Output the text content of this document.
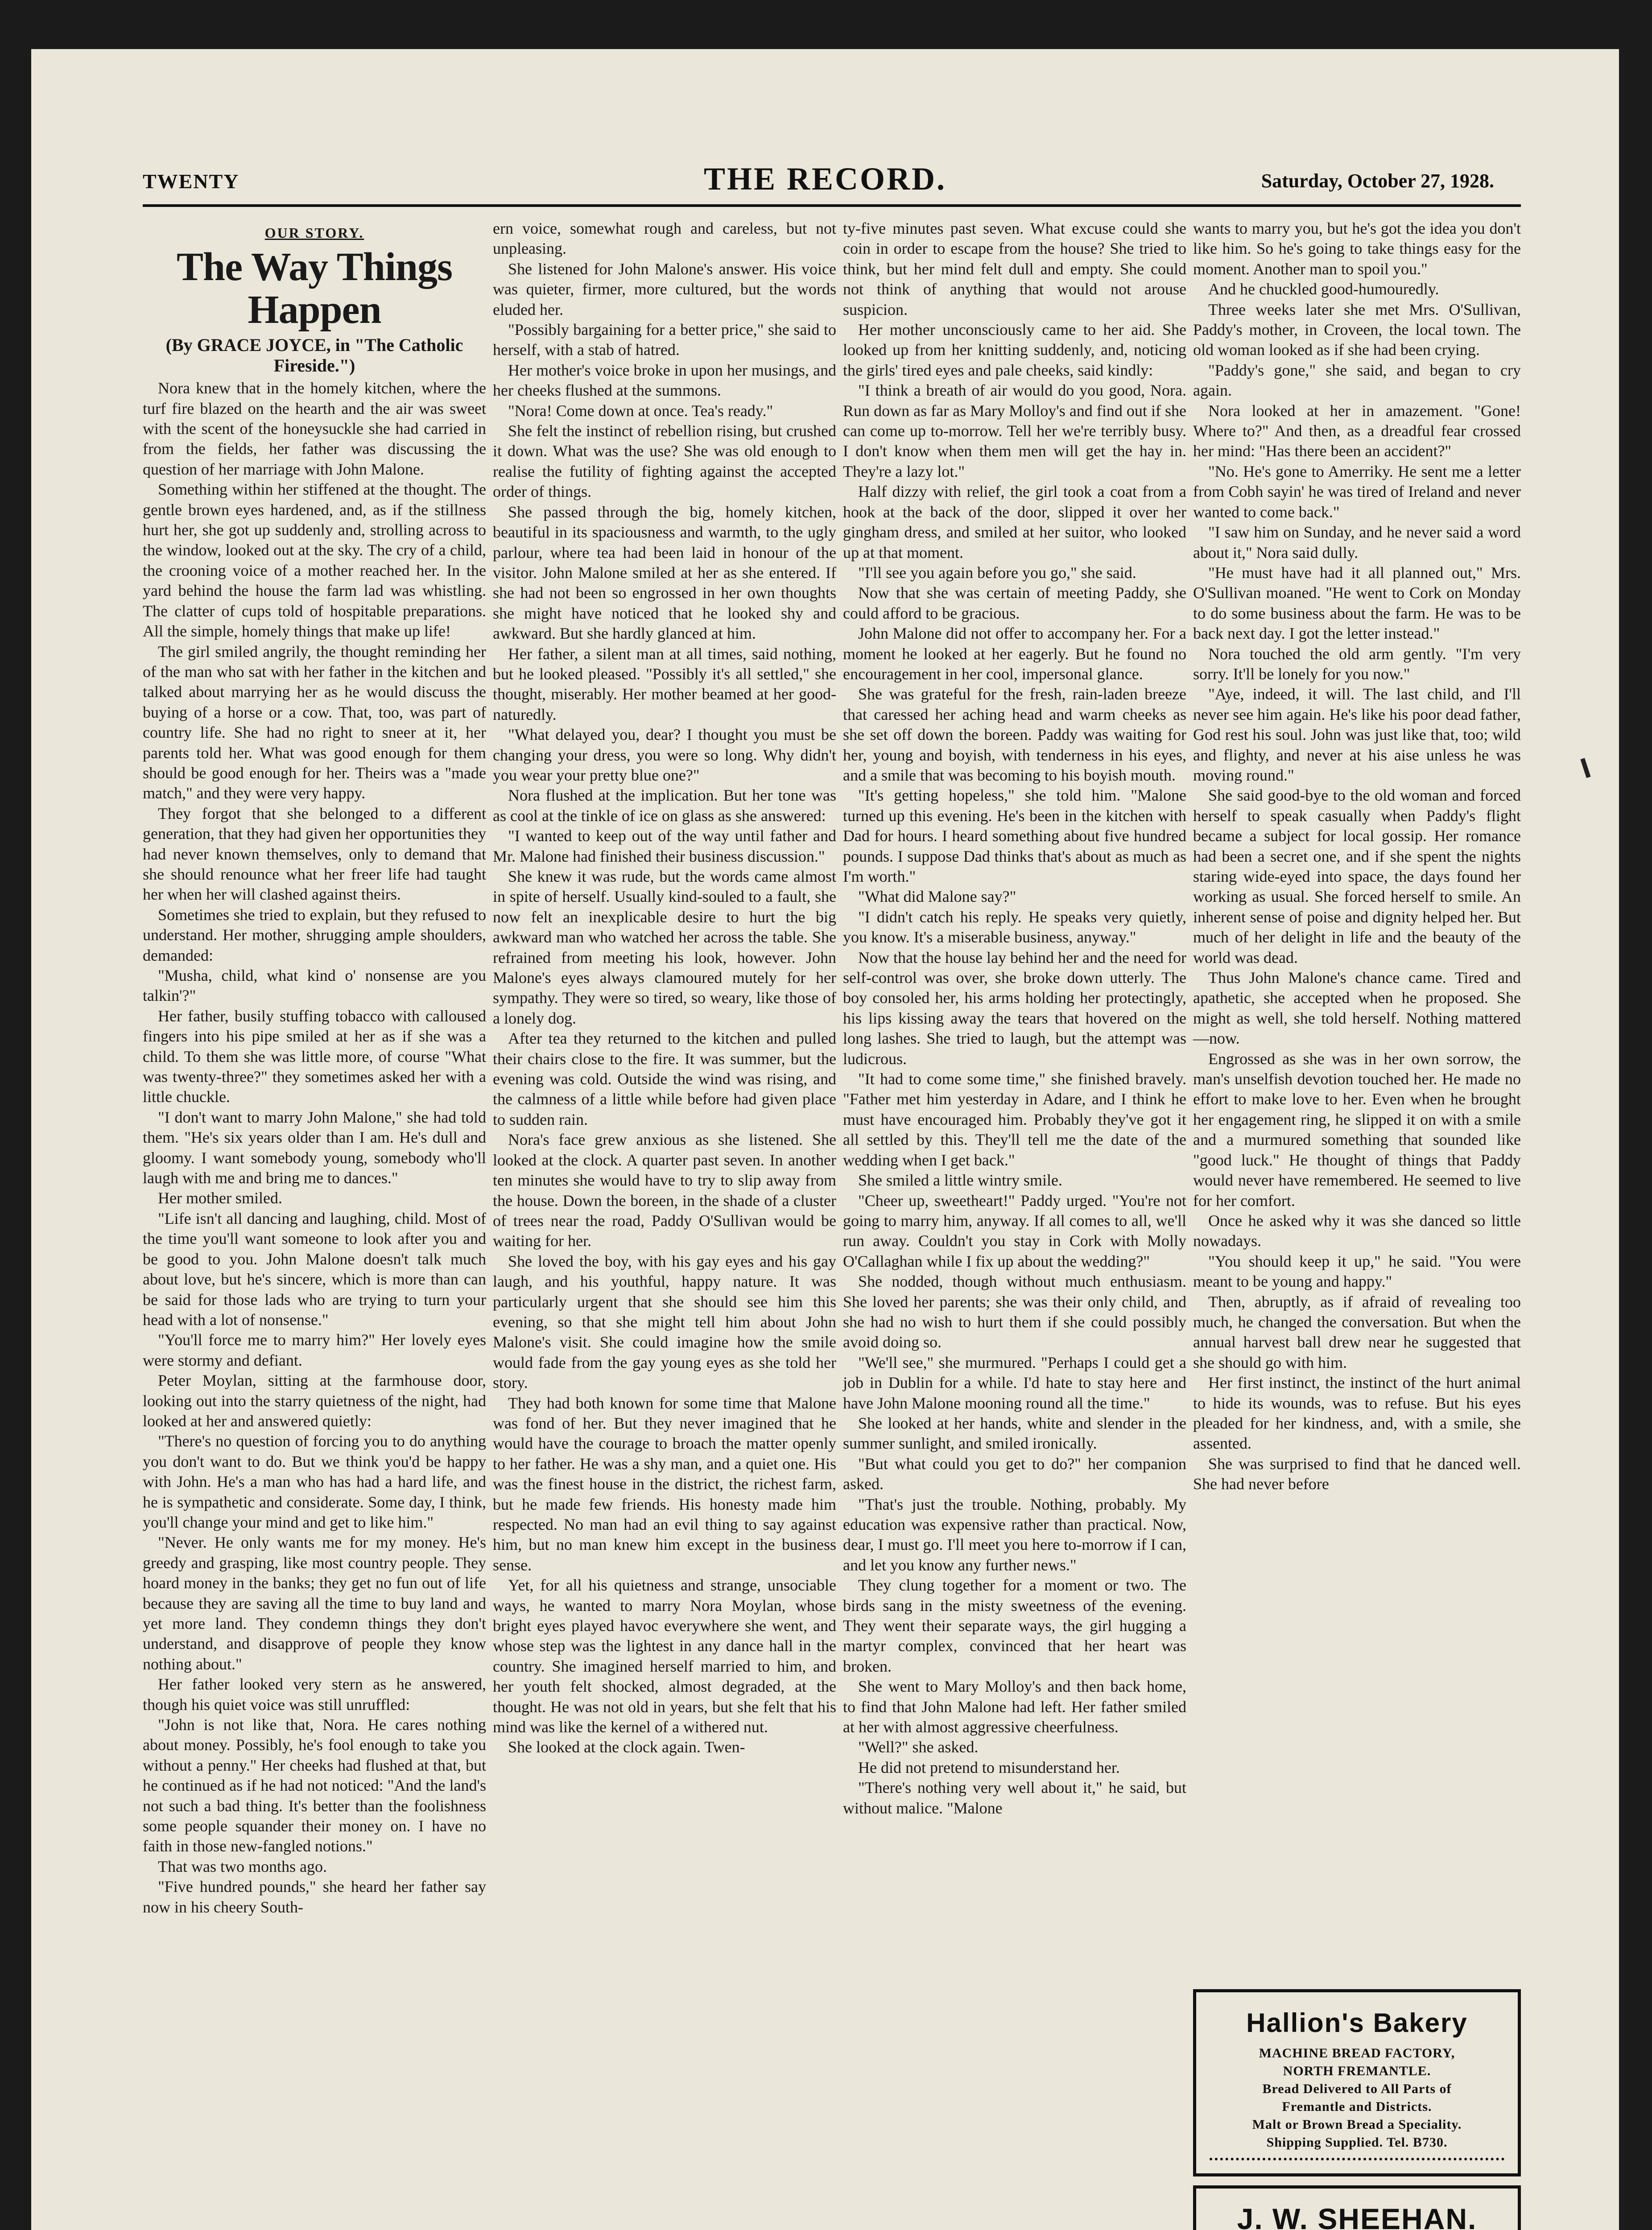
TWENTY	THE RECORD.	Saturday, October 27, 1928.
OUR STORY.
The Way Things Happen
(By GRACE JOYCE, in "The Catholic Fireside.")

Nora knew that in the homely kitchen, where the turf fire blazed on the hearth and the air was sweet with the scent of the honeysuckle she had carried in from the fields, her father was discussing the question of her marriage with John Malone.

Something within her stiffened at the thought. The gentle brown eyes hardened, and, as if the stillness hurt her, she got up suddenly and, strolling across to the window, looked out at the sky. The cry of a child, the crooning voice of a mother reached her. In the yard behind the house the farm lad was whistling. The clatter of cups told of hospitable preparations. All the simple, homely things that make up life!

The girl smiled angrily, the thought reminding her of the man who sat with her father in the kitchen and talked about marrying her as he would discuss the buying of a horse or a cow. That, too, was part of country life. She had no right to sneer at it, her parents told her. What was good enough for them should be good enough for her. Theirs was a "made match," and they were very happy.

They forgot that she belonged to a different generation, that they had given her opportunities they had never known themselves, only to demand that she should renounce what her freer life had taught her when her will clashed against theirs.

Sometimes she tried to explain, but they refused to understand. Her mother, shrugging ample shoulders, demanded:

"Musha, child, what kind o' nonsense are you talkin'?"

Her father, busily stuffing tobacco with calloused fingers into his pipe smiled at her as if she was a child. To them she was little more, of course "What was twenty-three?" they sometimes asked her with a little chuckle.

"I don't want to marry John Malone," she had told them. "He's six years older than I am. He's dull and gloomy. I want somebody young, somebody who'll laugh with me and bring me to dances."

Her mother smiled.

"Life isn't all dancing and laughing, child. Most of the time you'll want someone to look after you and be good to you. John Malone doesn't talk much about love, but he's sincere, which is more than can be said for those lads who are trying to turn your head with a lot of nonsense."

"You'll force me to marry him?" Her lovely eyes were stormy and defiant.

Peter Moylan, sitting at the farmhouse door, looking out into the starry quietness of the night, had looked at her and answered quietly:

"There's no question of forcing you to do anything you don't want to do. But we think you'd be happy with John. He's a man who has had a hard life, and he is sympathetic and considerate. Some day, I think, you'll change your mind and get to like him."

"Never. He only wants me for my money. He's greedy and grasping, like most country people. They hoard money in the banks; they get no fun out of life because they are saving all the time to buy land and yet more land. They condemn things they don't understand, and disapprove of people they know nothing about."

Her father looked very stern as he answered, though his quiet voice was still unruffled:

"John is not like that, Nora. He cares nothing about money. Possibly, he's fool enough to take you without a penny." Her cheeks had flushed at that, but he continued as if he had not noticed: "And the land's not such a bad thing. It's better than the foolishness some people squander their money on. I have no faith in those new-fangled notions."

That was two months ago.

"Five hundred pounds," she heard her father say now in his cheery South-

ern voice, somewhat rough and careless, but not unpleasing.

She listened for John Malone's answer. His voice was quieter, firmer, more cultured, but the words eluded her.

"Possibly bargaining for a better price," she said to herself, with a stab of hatred.

Her mother's voice broke in upon her musings, and her cheeks flushed at the summons.

"Nora! Come down at once. Tea's ready."

She felt the instinct of rebellion rising, but crushed it down. What was the use? She was old enough to realise the futility of fighting against the accepted order of things.

She passed through the big, homely kitchen, beautiful in its spaciousness and warmth, to the ugly parlour, where tea had been laid in honour of the visitor. John Malone smiled at her as she entered. If she had not been so engrossed in her own thoughts she might have noticed that he looked shy and awkward. But she hardly glanced at him.

Her father, a silent man at all times, said nothing, but he looked pleased. "Possibly it's all settled," she thought, miserably. Her mother beamed at her good-naturedly.

"What delayed you, dear? I thought you must be changing your dress, you were so long. Why didn't you wear your pretty blue one?"

Nora flushed at the implication. But her tone was as cool at the tinkle of ice on glass as she answered:

"I wanted to keep out of the way until father and Mr. Malone had finished their business discussion."

She knew it was rude, but the words came almost in spite of herself. Usually kind-souled to a fault, she now felt an inexplicable desire to hurt the big awkward man who watched her across the table. She refrained from meeting his look, however. John Malone's eyes always clamoured mutely for her sympathy. They were so tired, so weary, like those of a lonely dog.

After tea they returned to the kitchen and pulled their chairs close to the fire. It was summer, but the evening was cold. Outside the wind was rising, and the calmness of a little while before had given place to sudden rain.

Nora's face grew anxious as she listened. She looked at the clock. A quarter past seven. In another ten minutes she would have to try to slip away from the house. Down the boreen, in the shade of a cluster of trees near the road, Paddy O'Sullivan would be waiting for her.

She loved the boy, with his gay eyes and his gay laugh, and his youthful, happy nature. It was particularly urgent that she should see him this evening, so that she might tell him about John Malone's visit. She could imagine how the smile would fade from the gay young eyes as she told her story.

They had both known for some time that Malone was fond of her. But they never imagined that he would have the courage to broach the matter openly to her father. He was a shy man, and a quiet one. His was the finest house in the district, the richest farm, but he made few friends. His honesty made him respected. No man had an evil thing to say against him, but no man knew him except in the business sense.

Yet, for all his quietness and strange, unsociable ways, he wanted to marry Nora Moylan, whose bright eyes played havoc everywhere she went, and whose step was the lightest in any dance hall in the country. She imagined herself married to him, and her youth felt shocked, almost degraded, at the thought. He was not old in years, but she felt that his mind was like the kernel of a withered nut.

She looked at the clock again. Twen-

ty-five minutes past seven. What excuse could she coin in order to escape from the house? She tried to think, but her mind felt dull and empty. She could not think of anything that would not arouse suspicion.

Her mother unconsciously came to her aid. She looked up from her knitting suddenly, and, noticing the girls' tired eyes and pale cheeks, said kindly:

"I think a breath of air would do you good, Nora. Run down as far as Mary Molloy's and find out if she can come up to-morrow. Tell her we're terribly busy. I don't know when them men will get the hay in. They're a lazy lot."

Half dizzy with relief, the girl took a coat from a hook at the back of the door, slipped it over her gingham dress, and smiled at her suitor, who looked up at that moment.

"I'll see you again before you go," she said.

Now that she was certain of meeting Paddy, she could afford to be gracious.

John Malone did not offer to accompany her. For a moment he looked at her eagerly. But he found no encouragement in her cool, impersonal glance.

She was grateful for the fresh, rain-laden breeze that caressed her aching head and warm cheeks as she set off down the boreen. Paddy was waiting for her, young and boyish, with tenderness in his eyes, and a smile that was becoming to his boyish mouth.

"It's getting hopeless," she told him. "Malone turned up this evening. He's been in the kitchen with Dad for hours. I heard something about five hundred pounds. I suppose Dad thinks that's about as much as I'm worth."

"What did Malone say?"

"I didn't catch his reply. He speaks very quietly, you know. It's a miserable business, anyway."

Now that the house lay behind her and the need for self-control was over, she broke down utterly. The boy consoled her, his arms holding her protectingly, his lips kissing away the tears that hovered on the long lashes. She tried to laugh, but the attempt was ludicrous.

"It had to come some time," she finished bravely. "Father met him yesterday in Adare, and I think he must have encouraged him. Probably they've got it all settled by this. They'll tell me the date of the wedding when I get back."

She smiled a little wintry smile.

"Cheer up, sweetheart!" Paddy urged. "You're not going to marry him, anyway. If all comes to all, we'll run away. Couldn't you stay in Cork with Molly O'Callaghan while I fix up about the wedding?"

She nodded, though without much enthusiasm. She loved her parents; she was their only child, and she had no wish to hurt them if she could possibly avoid doing so.

"We'll see," she murmured. "Perhaps I could get a job in Dublin for a while. I'd hate to stay here and have John Malone mooning round all the time."

She looked at her hands, white and slender in the summer sunlight, and smiled ironically.

"But what could you get to do?" her companion asked.

"That's just the trouble. Nothing, probably. My education was expensive rather than practical. Now, dear, I must go. I'll meet you here to-morrow if I can, and let you know any further news."

They clung together for a moment or two. The birds sang in the misty sweetness of the evening. They went their separate ways, the girl hugging a martyr complex, convinced that her heart was broken.

She went to Mary Molloy's and then back home, to find that John Malone had left. Her father smiled at her with almost aggressive cheerfulness.

"Well?" she asked.

He did not pretend to misunderstand her.

"There's nothing very well about it," he said, but without malice. "Malone

wants to marry you, but he's got the idea you don't like him. So he's going to take things easy for the moment. Another man to spoil you."

And he chuckled good-humouredly.

Three weeks later she met Mrs. O'Sullivan, Paddy's mother, in Croveen, the local town. The old woman looked as if she had been crying.

"Paddy's gone," she said, and began to cry again.

Nora looked at her in amazement. "Gone! Where to?" And then, as a dreadful fear crossed her mind: "Has there been an accident?"

"No. He's gone to Amerriky. He sent me a letter from Cobh sayin' he was tired of Ireland and never wanted to come back."

"I saw him on Sunday, and he never said a word about it," Nora said dully.

"He must have had it all planned out," Mrs. O'Sullivan moaned. "He went to Cork on Monday to do some business about the farm. He was to be back next day. I got the letter instead."

Nora touched the old arm gently. "I'm very sorry. It'll be lonely for you now."

"Aye, indeed, it will. The last child, and I'll never see him again. He's like his poor dead father, God rest his soul. John was just like that, too; wild and flighty, and never at his aise unless he was moving round."

She said good-bye to the old woman and forced herself to speak casually when Paddy's flight became a subject for local gossip. Her romance had been a secret one, and if she spent the nights staring wide-eyed into space, the days found her working as usual. She forced herself to smile. An inherent sense of poise and dignity helped her. But much of her delight in life and the beauty of the world was dead.

Thus John Malone's chance came. Tired and apathetic, she accepted when he proposed. She might as well, she told herself. Nothing mattered—now.

Engrossed as she was in her own sorrow, the man's unselfish devotion touched her. He made no effort to make love to her. Even when he brought her engagement ring, he slipped it on with a smile and a murmured something that sounded like "good luck." He thought of things that Paddy would never have remembered. He seemed to live for her comfort.

Once he asked why it was she danced so little nowadays.

"You should keep it up," he said. "You were meant to be young and happy."

Then, abruptly, as if afraid of revealing too much, he changed the conversation. But when the annual harvest ball drew near he suggested that she should go with him.

Her first instinct, the instinct of the hurt animal to hide its wounds, was to refuse. But his eyes pleaded for her kindness, and, with a smile, she assented.

She was surprised to find that he danced well. She had never before

Hallion's Bakery
MACHINE BREAD FACTORY,
NORTH FREMANTLE.
Bread Delivered to All Parts of
Fremantle and Districts.
Malt or Brown Bread a Speciality.
Shipping Supplied. Tel. B730.
J. W. SHEEHAN.
